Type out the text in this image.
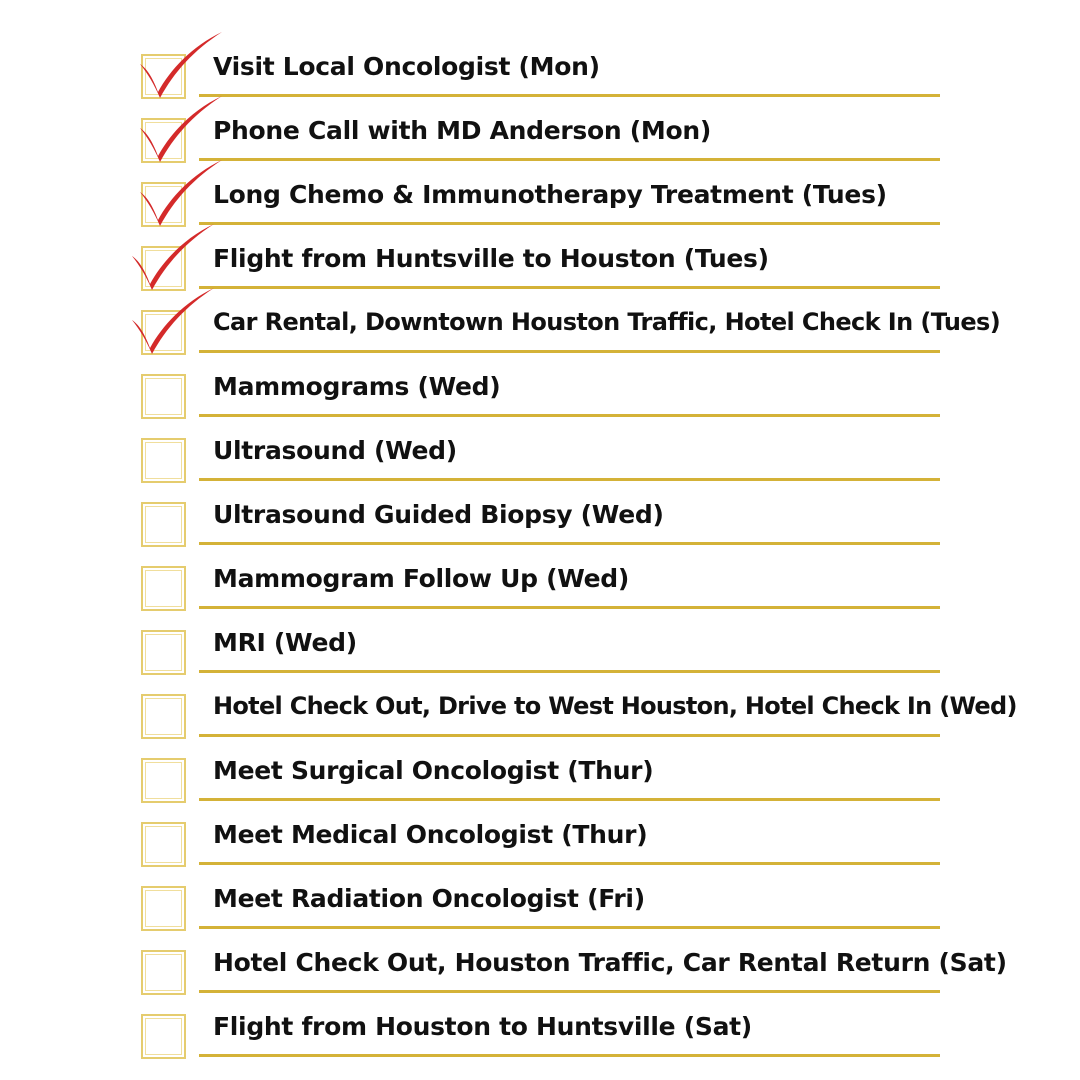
Visit Local Oncologist (Mon)
Phone Call with MD Anderson (Mon)
Long Chemo & Immunotherapy Treatment (Tues)
Flight from Huntsville to Houston (Tues)
Car Rental, Downtown Houston Traffic, Hotel Check In (Tues)
Mammograms (Wed)
Ultrasound (Wed)
Ultrasound Guided Biopsy (Wed)
Mammogram Follow Up (Wed)
MRI (Wed)
Hotel Check Out, Drive to West Houston, Hotel Check In (Wed)
Meet Surgical Oncologist (Thur)
Meet Medical Oncologist (Thur)
Meet Radiation Oncologist (Fri)
Hotel Check Out, Houston Traffic, Car Rental Return (Sat)
Flight from Houston to Huntsville (Sat)
